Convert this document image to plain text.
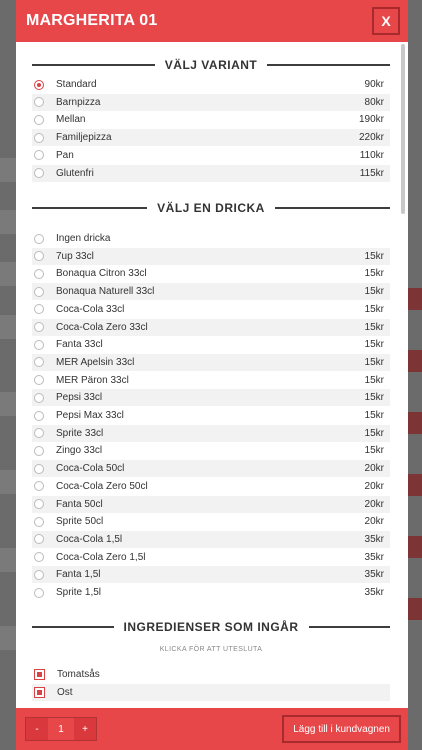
MARGHERITA 01	X
VÄLJ VARIANT
Standard	90kr
Barnpizza	80kr
Mellan	190kr
Familjepizza	220kr
Pan	110kr
Glutenfri	115kr
VÄLJ EN DRICKA
Ingen dricka
7up 33cl	15kr
Bonaqua Citron 33cl	15kr
Bonaqua Naturell 33cl	15kr
Coca-Cola 33cl	15kr
Coca-Cola Zero 33cl	15kr
Fanta 33cl	15kr
MER Apelsin 33cl	15kr
MER Päron 33cl	15kr
Pepsi 33cl	15kr
Pepsi Max 33cl	15kr
Sprite 33cl	15kr
Zingo 33cl	15kr
Coca-Cola 50cl	20kr
Coca-Cola Zero 50cl	20kr
Fanta 50cl	20kr
Sprite 50cl	20kr
Coca-Cola 1,5l	35kr
Coca-Cola Zero 1,5l	35kr
Fanta 1,5l	35kr
Sprite 1,5l	35kr
INGREDIENSER SOM INGÅR
KLICKA FÖR ATT UTESLUTA
Tomatsås
Ost
-	1	+	Lägg till i kundvagnen
